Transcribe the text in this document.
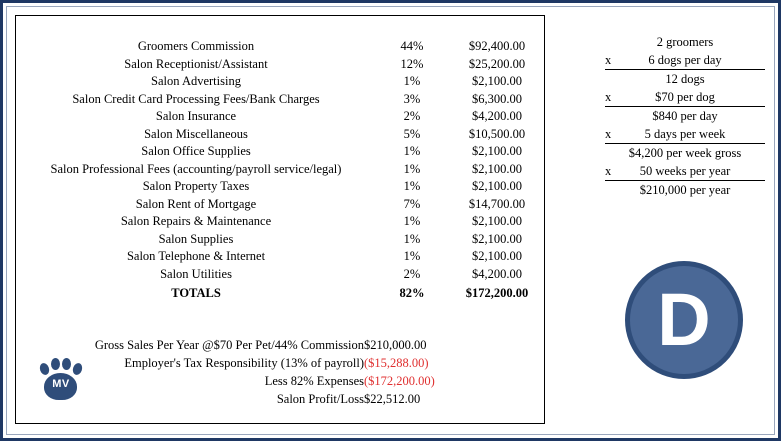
Groomers Commission	44%	$92,400.00
Salon Receptionist/Assistant	12%	$25,200.00
Salon Advertising	1%	$2,100.00
Salon Credit Card Processing Fees/Bank Charges	3%	$6,300.00
Salon Insurance	2%	$4,200.00
Salon Miscellaneous	5%	$10,500.00
Salon Office Supplies	1%	$2,100.00
Salon Professional Fees (accounting/payroll service/legal)	1%	$2,100.00
Salon Property Taxes	1%	$2,100.00
Salon Rent of Mortgage	7%	$14,700.00
Salon Repairs & Maintenance	1%	$2,100.00
Salon Supplies	1%	$2,100.00
Salon Telephone & Internet	1%	$2,100.00
Salon Utilities	2%	$4,200.00
TOTALS	82%	$172,200.00
Gross Sales Per Year @$70 Per Pet/44% Commission	$210,000.00
Employer's Tax Responsibility (13% of payroll)	($15,288.00)
Less 82% Expenses	($172,200.00)
Salon Profit/Loss	$22,512.00
MV
2 groomers
x	6 dogs per day
12 dogs
x	$70 per dog
$840 per day
x	5 days per week
$4,200 per week gross
x	50 weeks per year
$210,000 per year
D
